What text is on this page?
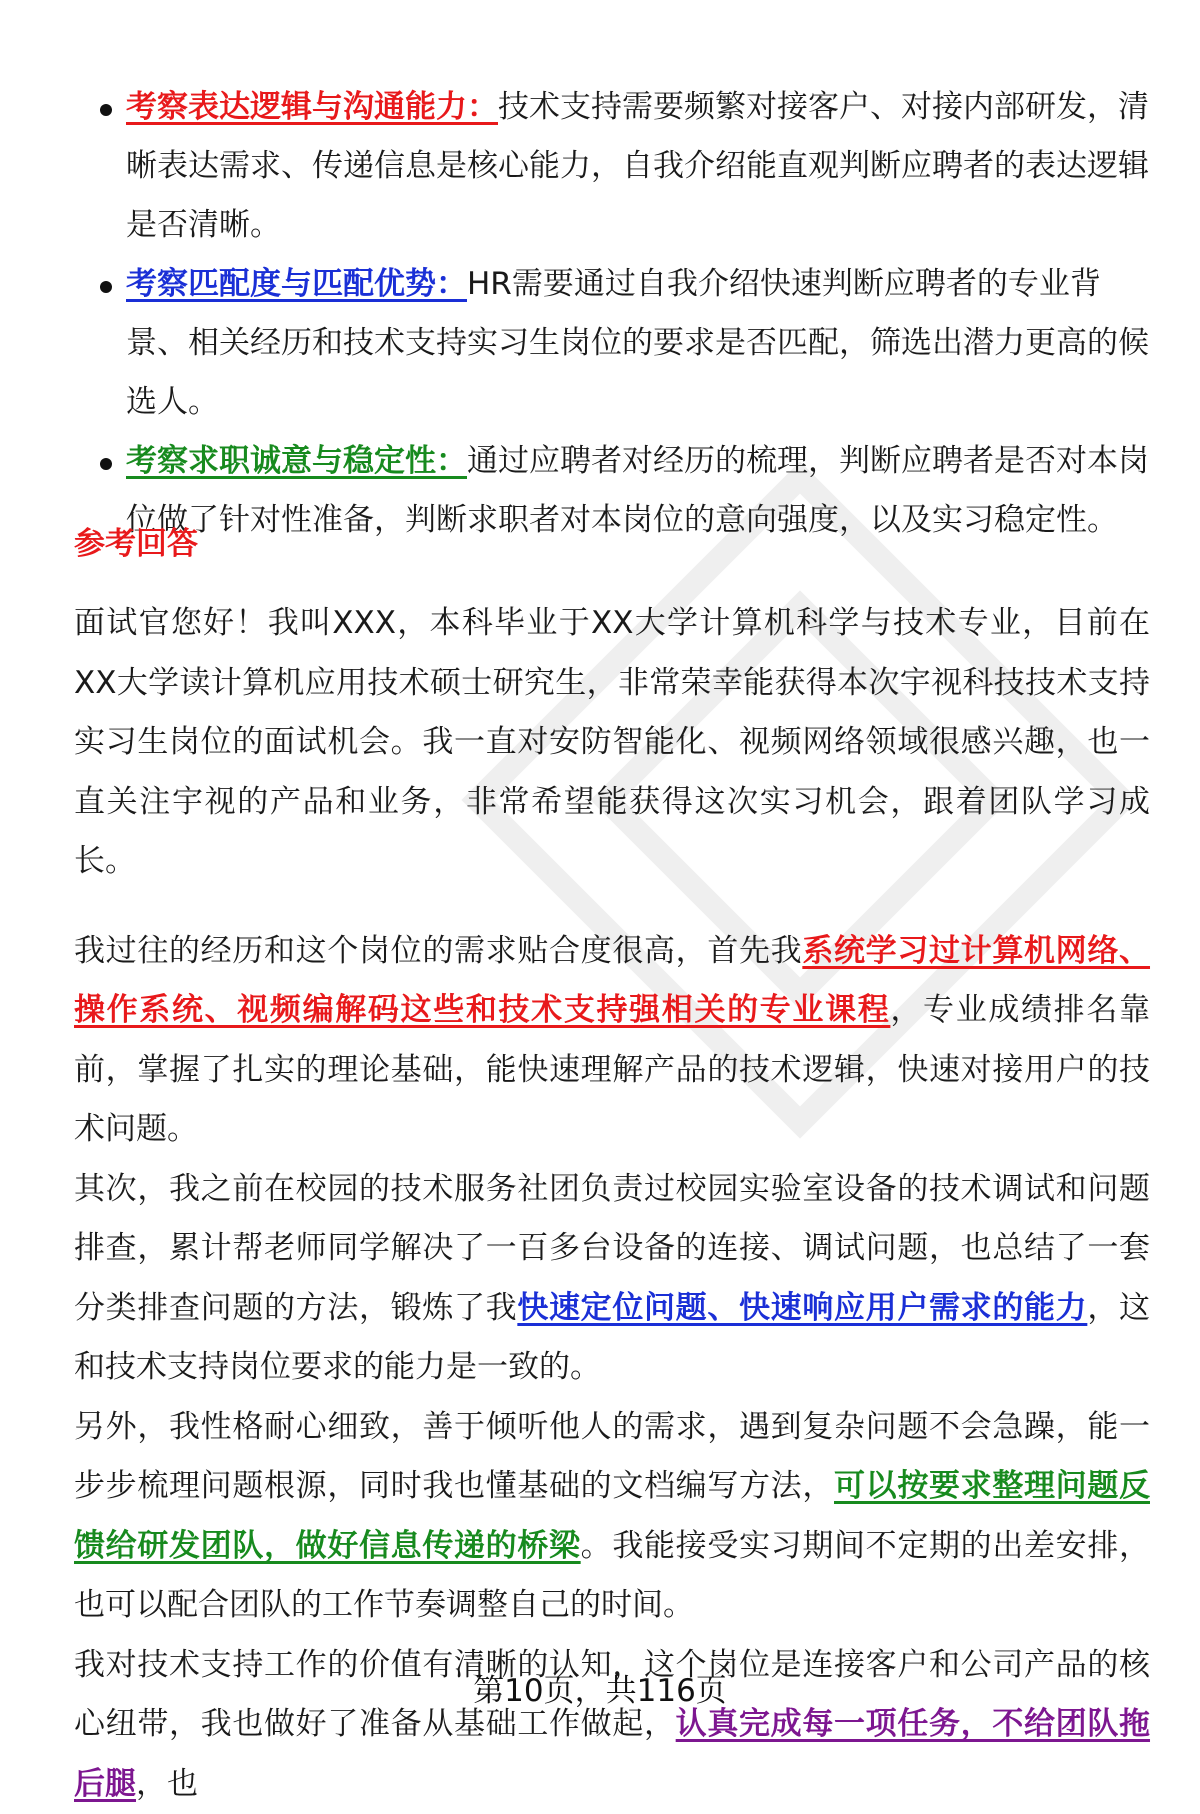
考察表达逻辑与沟通能力：技术支持需要频繁对接客户、对接内部研发，清晰表达需求、传递信息是核心能力，自我介绍能直观判断应聘者的表达逻辑是否清晰。

考察匹配度与匹配优势：HR需要通过自我介绍快速判断应聘者的专业背景、相关经历和技术支持实习生岗位的要求是否匹配，筛选出潜力更高的候选人。

考察求职诚意与稳定性：通过应聘者对经历的梳理，判断应聘者是否对本岗位做了针对性准备，判断求职者对本岗位的意向强度，以及实习稳定性。

参考回答

面试官您好！我叫XXX，本科毕业于XX大学计算机科学与技术专业，目前在XX大学读计算机应用技术硕士研究生，非常荣幸能获得本次宇视科技技术支持实习生岗位的面试机会。我一直对安防智能化、视频网络领域很感兴趣，也一直关注宇视的产品和业务，非常希望能获得这次实习机会，跟着团队学习成长。

我过往的经历和这个岗位的需求贴合度很高，首先我系统学习过计算机网络、操作系统、视频编解码这些和技术支持强相关的专业课程，专业成绩排名靠前，掌握了扎实的理论基础，能快速理解产品的技术逻辑，快速对接用户的技术问题。

其次，我之前在校园的技术服务社团负责过校园实验室设备的技术调试和问题排查，累计帮老师同学解决了一百多台设备的连接、调试问题，也总结了一套分类排查问题的方法，锻炼了我快速定位问题、快速响应用户需求的能力，这和技术支持岗位要求的能力是一致的。

另外，我性格耐心细致，善于倾听他人的需求，遇到复杂问题不会急躁，能一步步梳理问题根源，同时我也懂基础的文档编写方法，可以按要求整理问题反馈给研发团队，做好信息传递的桥梁。我能接受实习期间不定期的出差安排，也可以配合团队的工作节奏调整自己的时间。

我对技术支持工作的价值有清晰的认知，这个岗位是连接客户和公司产品的核心纽带，我也做好了准备从基础工作做起，认真完成每一项任务，不给团队拖后腿，也

第10页，共116页
